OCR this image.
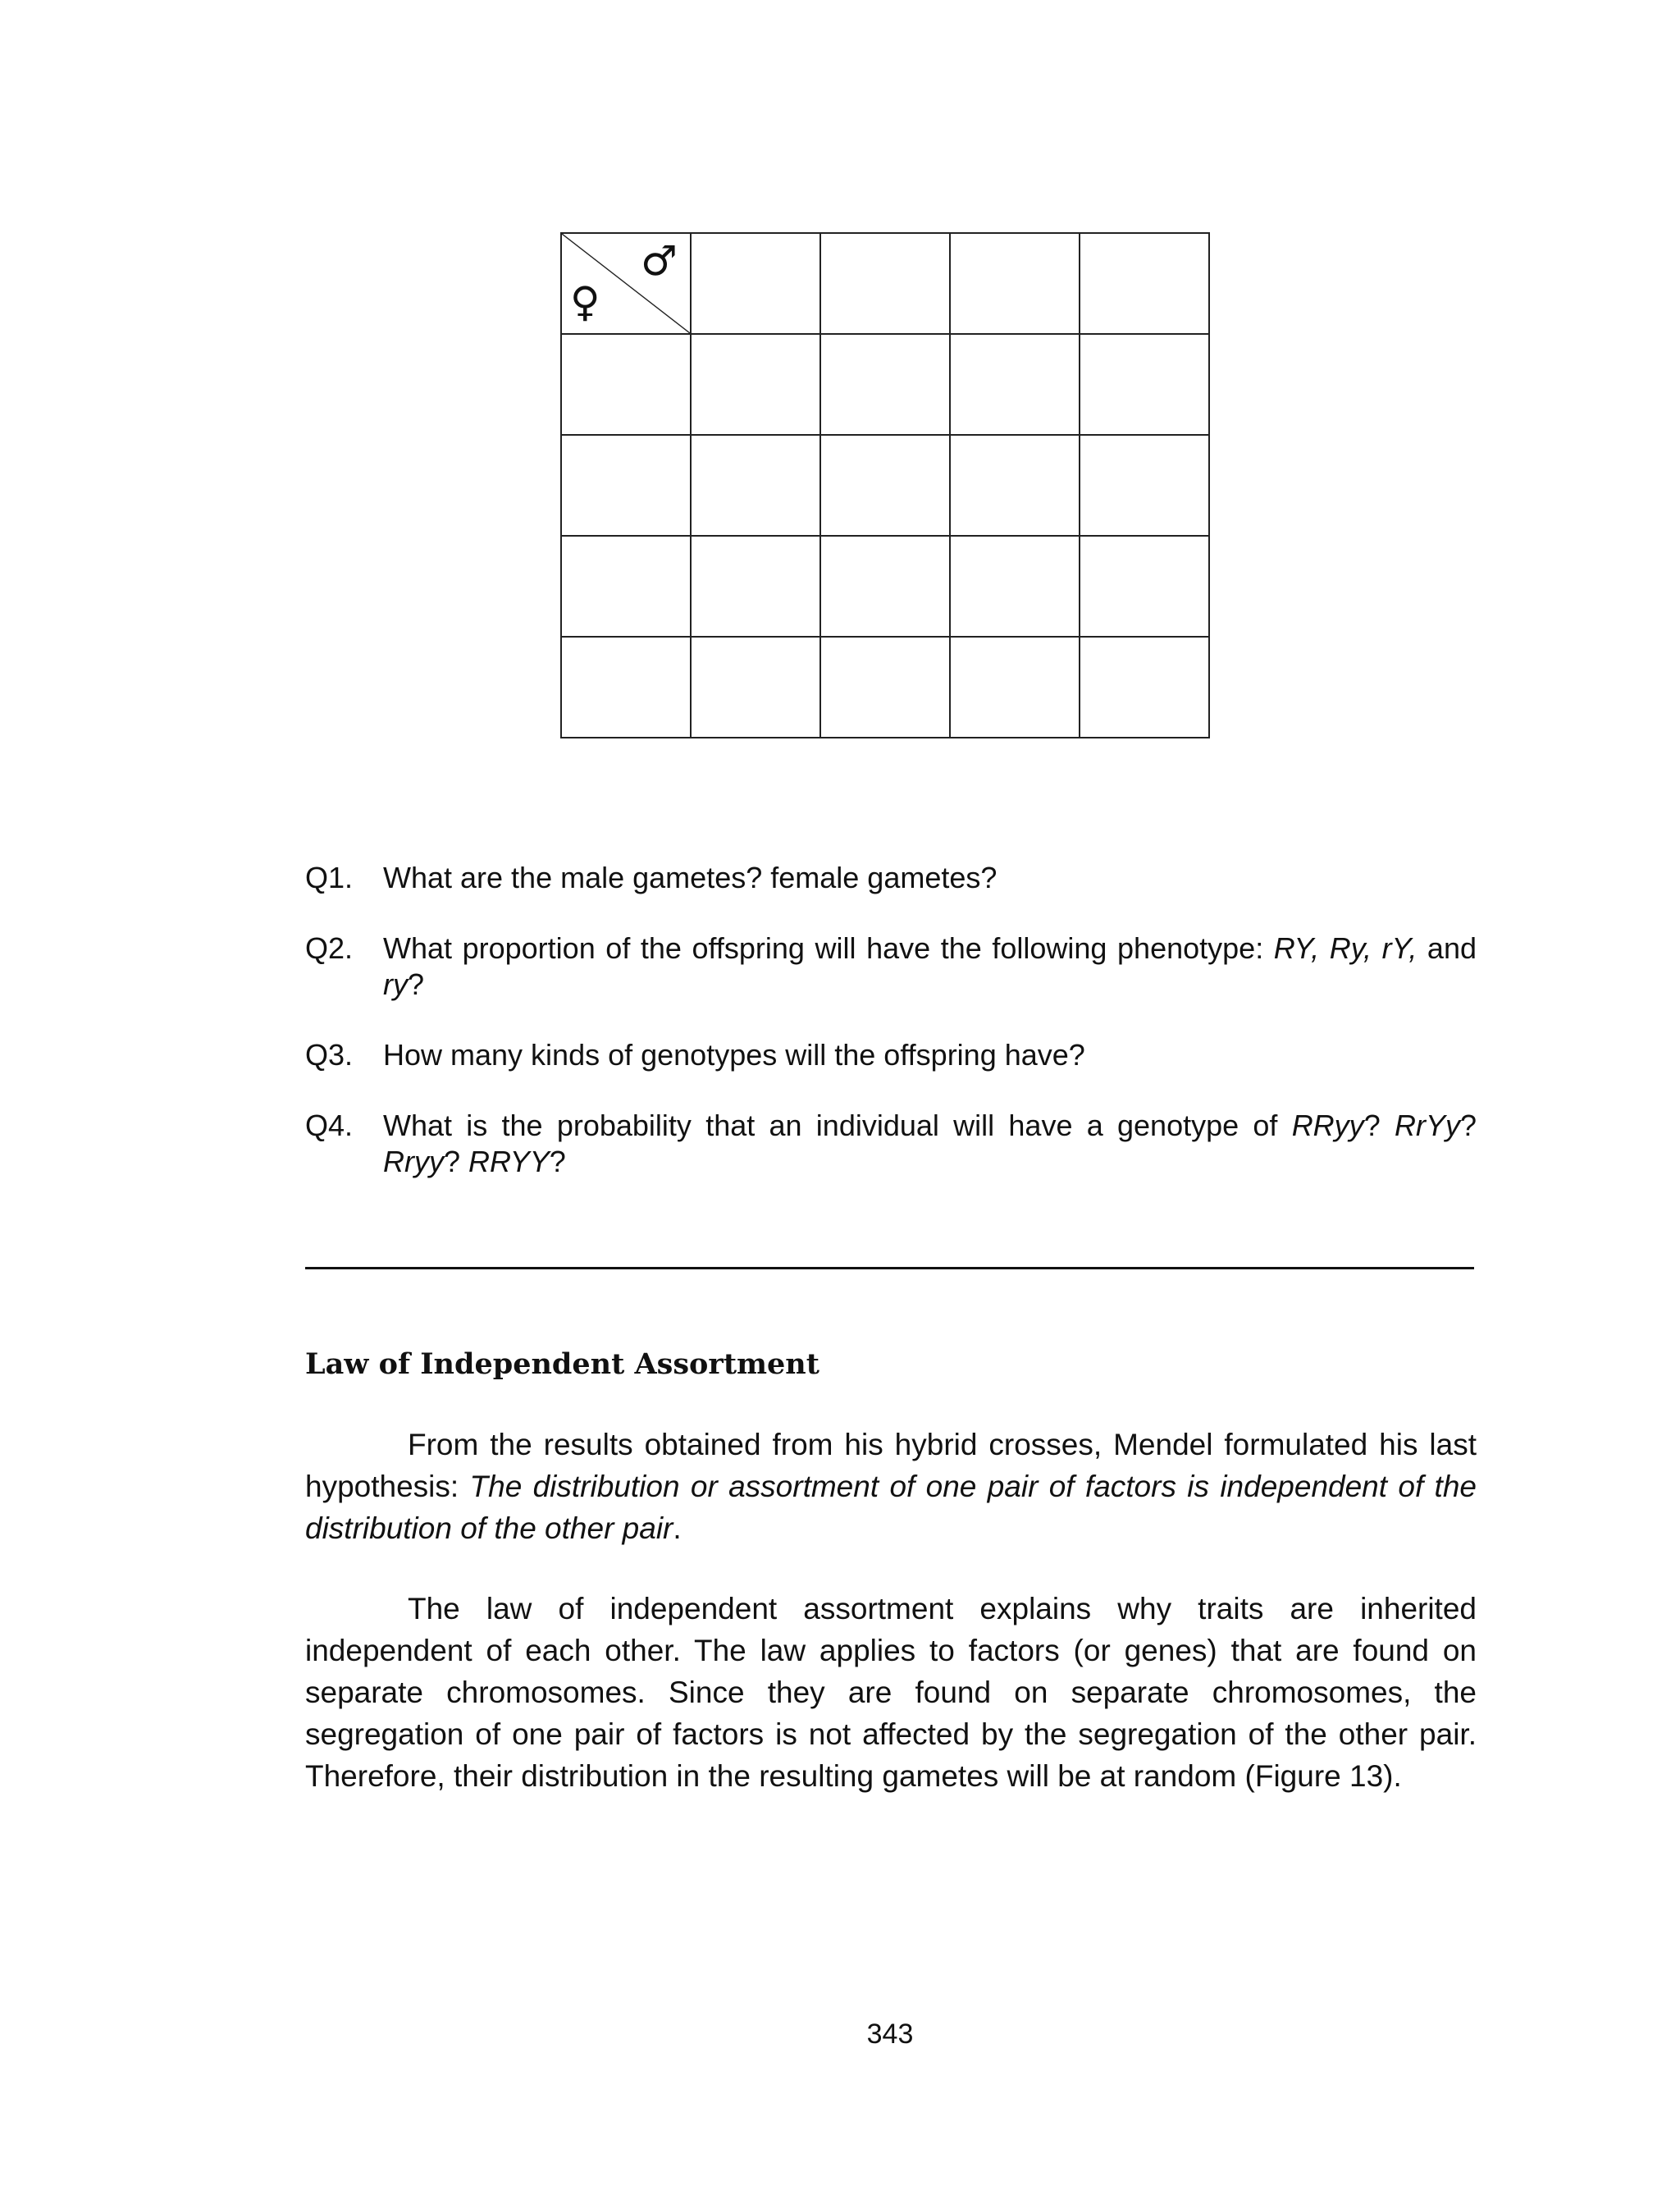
♂
♀				

Q1.	What are the male gametes? female gametes?
Q2.	What proportion of the offspring will have the following phenotype: RY, Ry, rY, and ry?
Q3.	How many kinds of genotypes will the offspring have?
Q4.	What is the probability that an individual will have a genotype of RRyy? RrYy? Rryy? RRYY?
Law of Independent Assortment

From the results obtained from his hybrid crosses, Mendel formulated his last hypothesis: The distribution or assortment of one pair of factors is independent of the distribution of the other pair.

The law of independent assortment explains why traits are inherited independent of each other. The law applies to factors (or genes) that are found on separate chromosomes. Since they are found on separate chromosomes, the segregation of one pair of factors is not affected by the segregation of the other pair. Therefore, their distribution in the resulting gametes will be at random (Figure 13).

343
